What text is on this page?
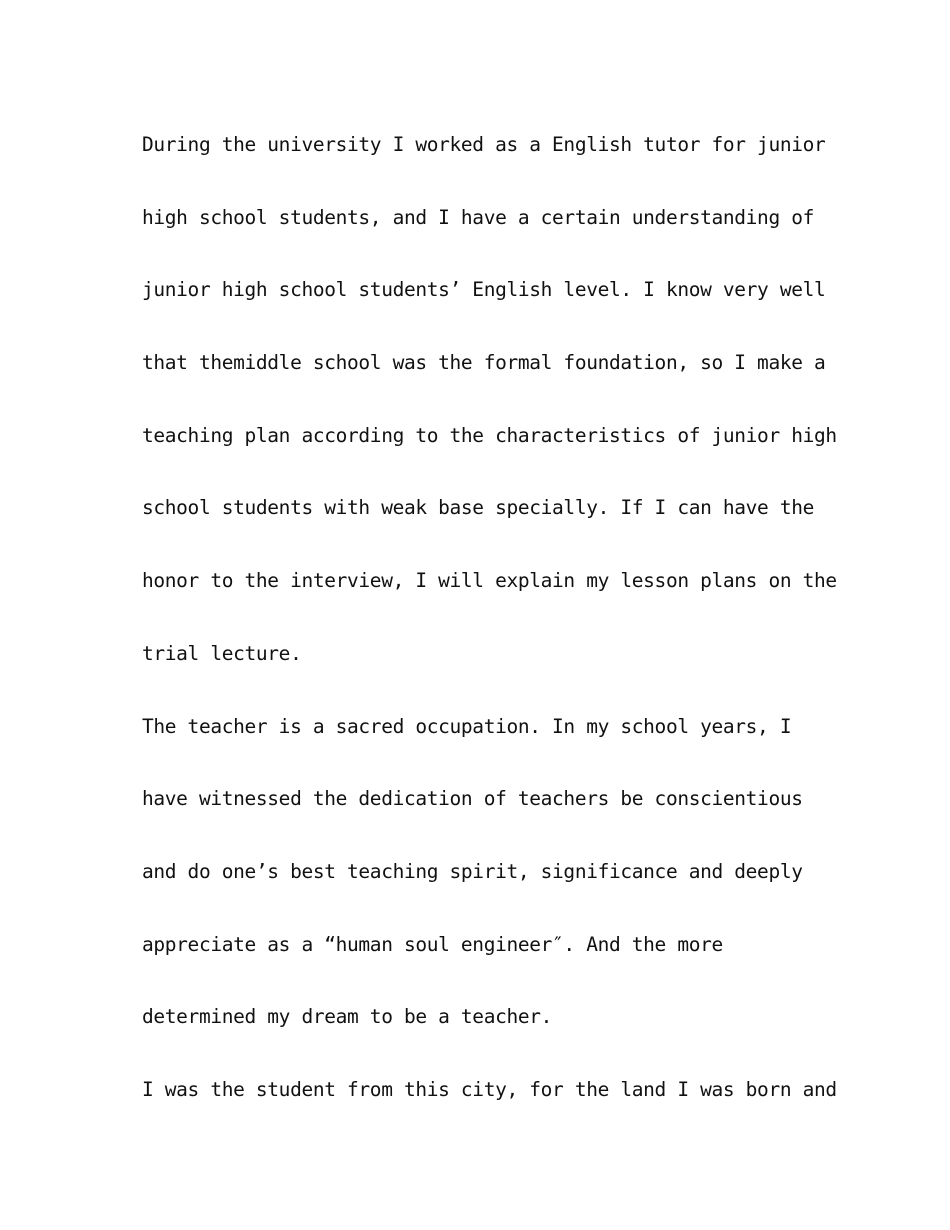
During the university I worked as a English tutor for junior
high school students, and I have a certain understanding of
junior high school students’ English level. I know very well
that themiddle school was the formal foundation, so I make a
teaching plan according to the characteristics of junior high
school students with weak base specially. If I can have the
honor to the interview, I will explain my lesson plans on the
trial lecture.
The teacher is a sacred occupation. In my school years, I
have witnessed the dedication of teachers be conscientious
and do one’s best teaching spirit, significance and deeply
appreciate as a “human soul engineer″. And the more
determined my dream to be a teacher.
I was the student from this city, for the land I was born and
